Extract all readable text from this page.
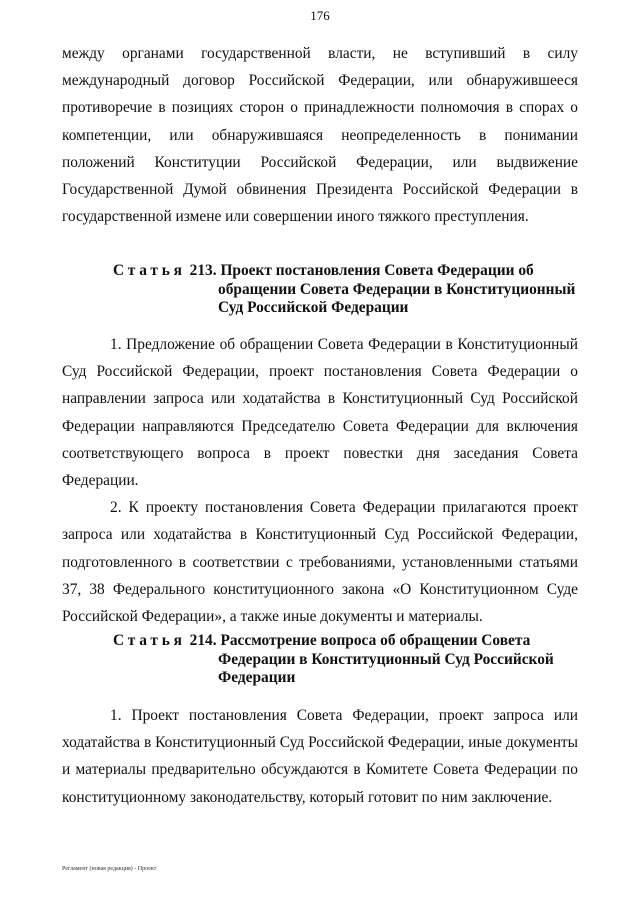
176

между органами государственной власти, не вступивший в силу международный договор Российской Федерации, или обнаружившееся противоречие в позициях сторон о принадлежности полномочия в спорах о компетенции, или обнаружившаяся неопределенность в понимании положений Конституции Российской Федерации, или выдвижение Государственной Думой обвинения Президента Российской Федерации в государственной измене или совершении иного тяжкого преступления.

Статья 213. Проект постановления Совета Федерации об
обращении Совета Федерации в Конституционный Суд Российской Федерации

1. Предложение об обращении Совета Федерации в Конституционный Суд Российской Федерации, проект постановления Совета Федерации о направлении запроса или ходатайства в Конституционный Суд Российской Федерации направляются Председателю Совета Федерации для включения соответствующего вопроса в проект повестки дня заседания Совета Федерации.

2. К проекту постановления Совета Федерации прилагаются проект запроса или ходатайства в Конституционный Суд Российской Федерации, подготовленного в соответствии с требованиями, установленными статьями 37, 38 Федерального конституционного закона «О Конституционном Суде Российской Федерации», а также иные документы и материалы.

Статья 214. Рассмотрение вопроса об обращении Совета
Федерации в Конституционный Суд Российской Федерации

1. Проект постановления Совета Федерации, проект запроса или ходатайства в Конституционный Суд Российской Федерации, иные документы и материалы предварительно обсуждаются в Комитете Совета Федерации по конституционному законодательству, который готовит по ним заключение.

Регламент (новая редакция) - Проект
